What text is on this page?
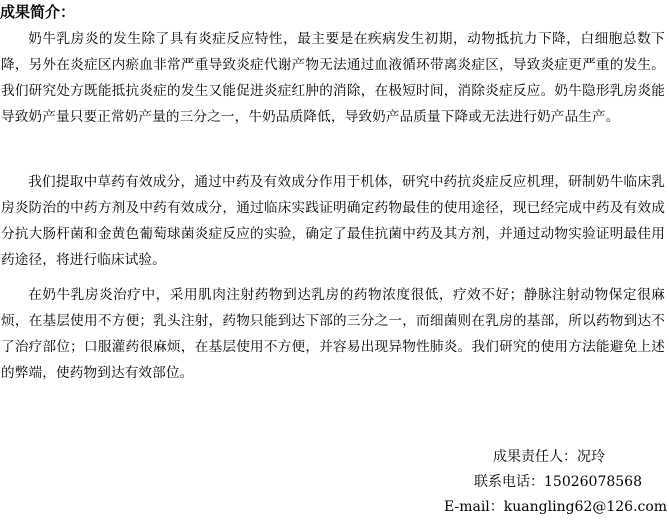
成果简介：

奶牛乳房炎的发生除了具有炎症反应特性，最主要是在疾病发生初期，动物抵抗力下降，白细胞总数下降，另外在炎症区内瘀血非常严重导致炎症代谢产物无法通过血液循环带离炎症区，导致炎症更严重的发生。我们研究处方既能抵抗炎症的发生又能促进炎症红肿的消除，在极短时间，消除炎症反应。奶牛隐形乳房炎能导致奶产量只要正常奶产量的三分之一，牛奶品质降低，导致奶产品质量下降或无法进行奶产品生产。

我们提取中草药有效成分，通过中药及有效成分作用于机体，研究中药抗炎症反应机理，研制奶牛临床乳房炎防治的中药方剂及中药有效成分，通过临床实践证明确定药物最佳的使用途径，现已经完成中药及有效成分抗大肠杆菌和金黄色葡萄球菌炎症反应的实验，确定了最佳抗菌中药及其方剂，并通过动物实验证明最佳用药途径，将进行临床试验。

在奶牛乳房炎治疗中，采用肌肉注射药物到达乳房的药物浓度很低，疗效不好；静脉注射动物保定很麻烦，在基层使用不方便；乳头注射，药物只能到达下部的三分之一，而细菌则在乳房的基部，所以药物到达不了治疗部位；口服灌药很麻烦，在基层使用不方便，并容易出现异物性肺炎。我们研究的使用方法能避免上述的弊端，使药物到达有效部位。

成果责任人：况玲
联系电话：15026078568
E-mail：kuangling62@126.com
